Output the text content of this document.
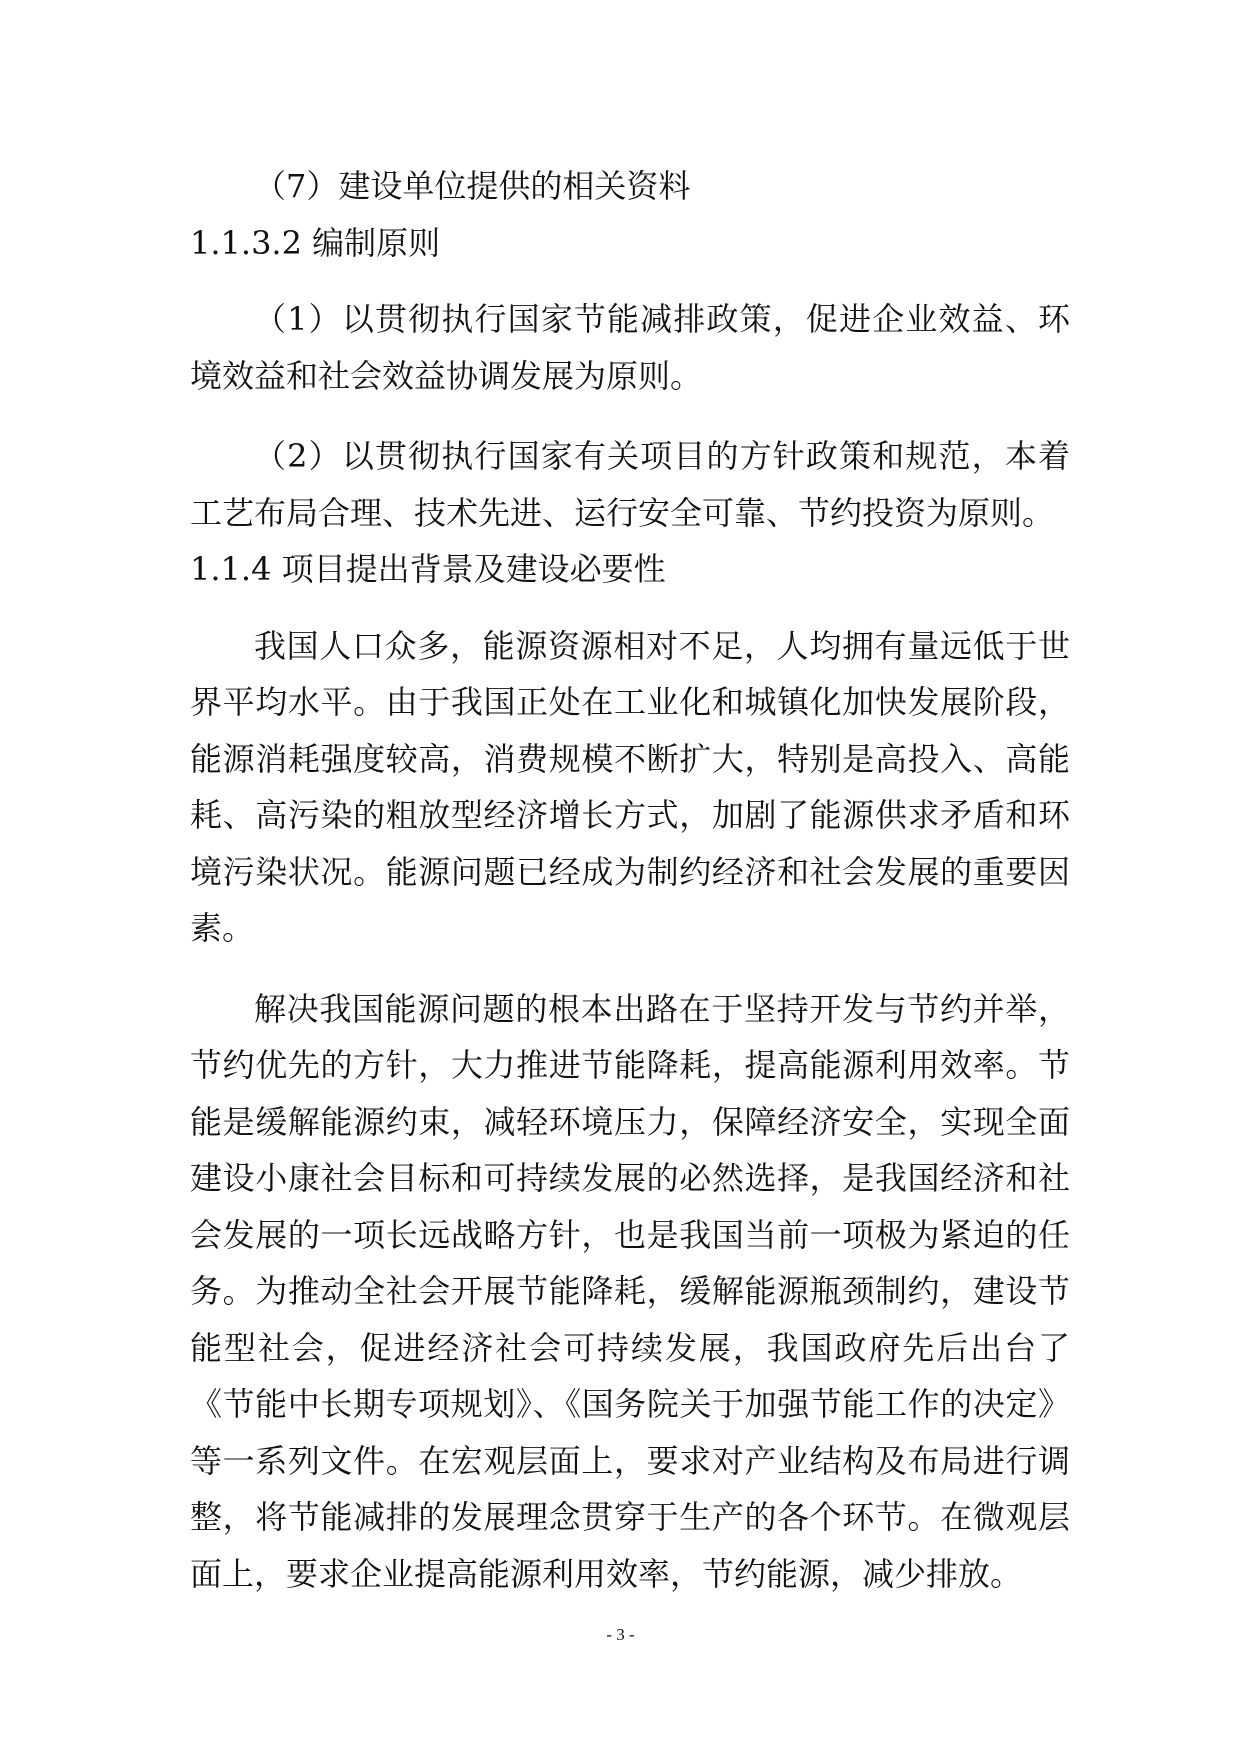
（7）建设单位提供的相关资料

1.1.3.2 编制原则

（1）以贯彻执行国家节能减排政策，促进企业效益、环境效益和社会效益协调发展为原则。

（2）以贯彻执行国家有关项目的方针政策和规范，本着工艺布局合理、技术先进、运行安全可靠、节约投资为原则。

1.1.4 项目提出背景及建设必要性

我国人口众多，能源资源相对不足，人均拥有量远低于世界平均水平。由于我国正处在工业化和城镇化加快发展阶段，能源消耗强度较高，消费规模不断扩大，特别是高投入、高能耗、高污染的粗放型经济增长方式，加剧了能源供求矛盾和环境污染状况。能源问题已经成为制约经济和社会发展的重要因素。

解决我国能源问题的根本出路在于坚持开发与节约并举，节约优先的方针，大力推进节能降耗，提高能源利用效率。节能是缓解能源约束，减轻环境压力，保障经济安全，实现全面建设小康社会目标和可持续发展的必然选择，是我国经济和社会发展的一项长远战略方针，也是我国当前一项极为紧迫的任务。为推动全社会开展节能降耗，缓解能源瓶颈制约，建设节能型社会，促进经济社会可持续发展，我国政府先后出台了《节能中长期专项规划》、《国务院关于加强节能工作的决定》等一系列文件。在宏观层面上，要求对产业结构及布局进行调整，将节能减排的发展理念贯穿于生产的各个环节。在微观层面上，要求企业提高能源利用效率，节约能源，减少排放。

- 3 -
